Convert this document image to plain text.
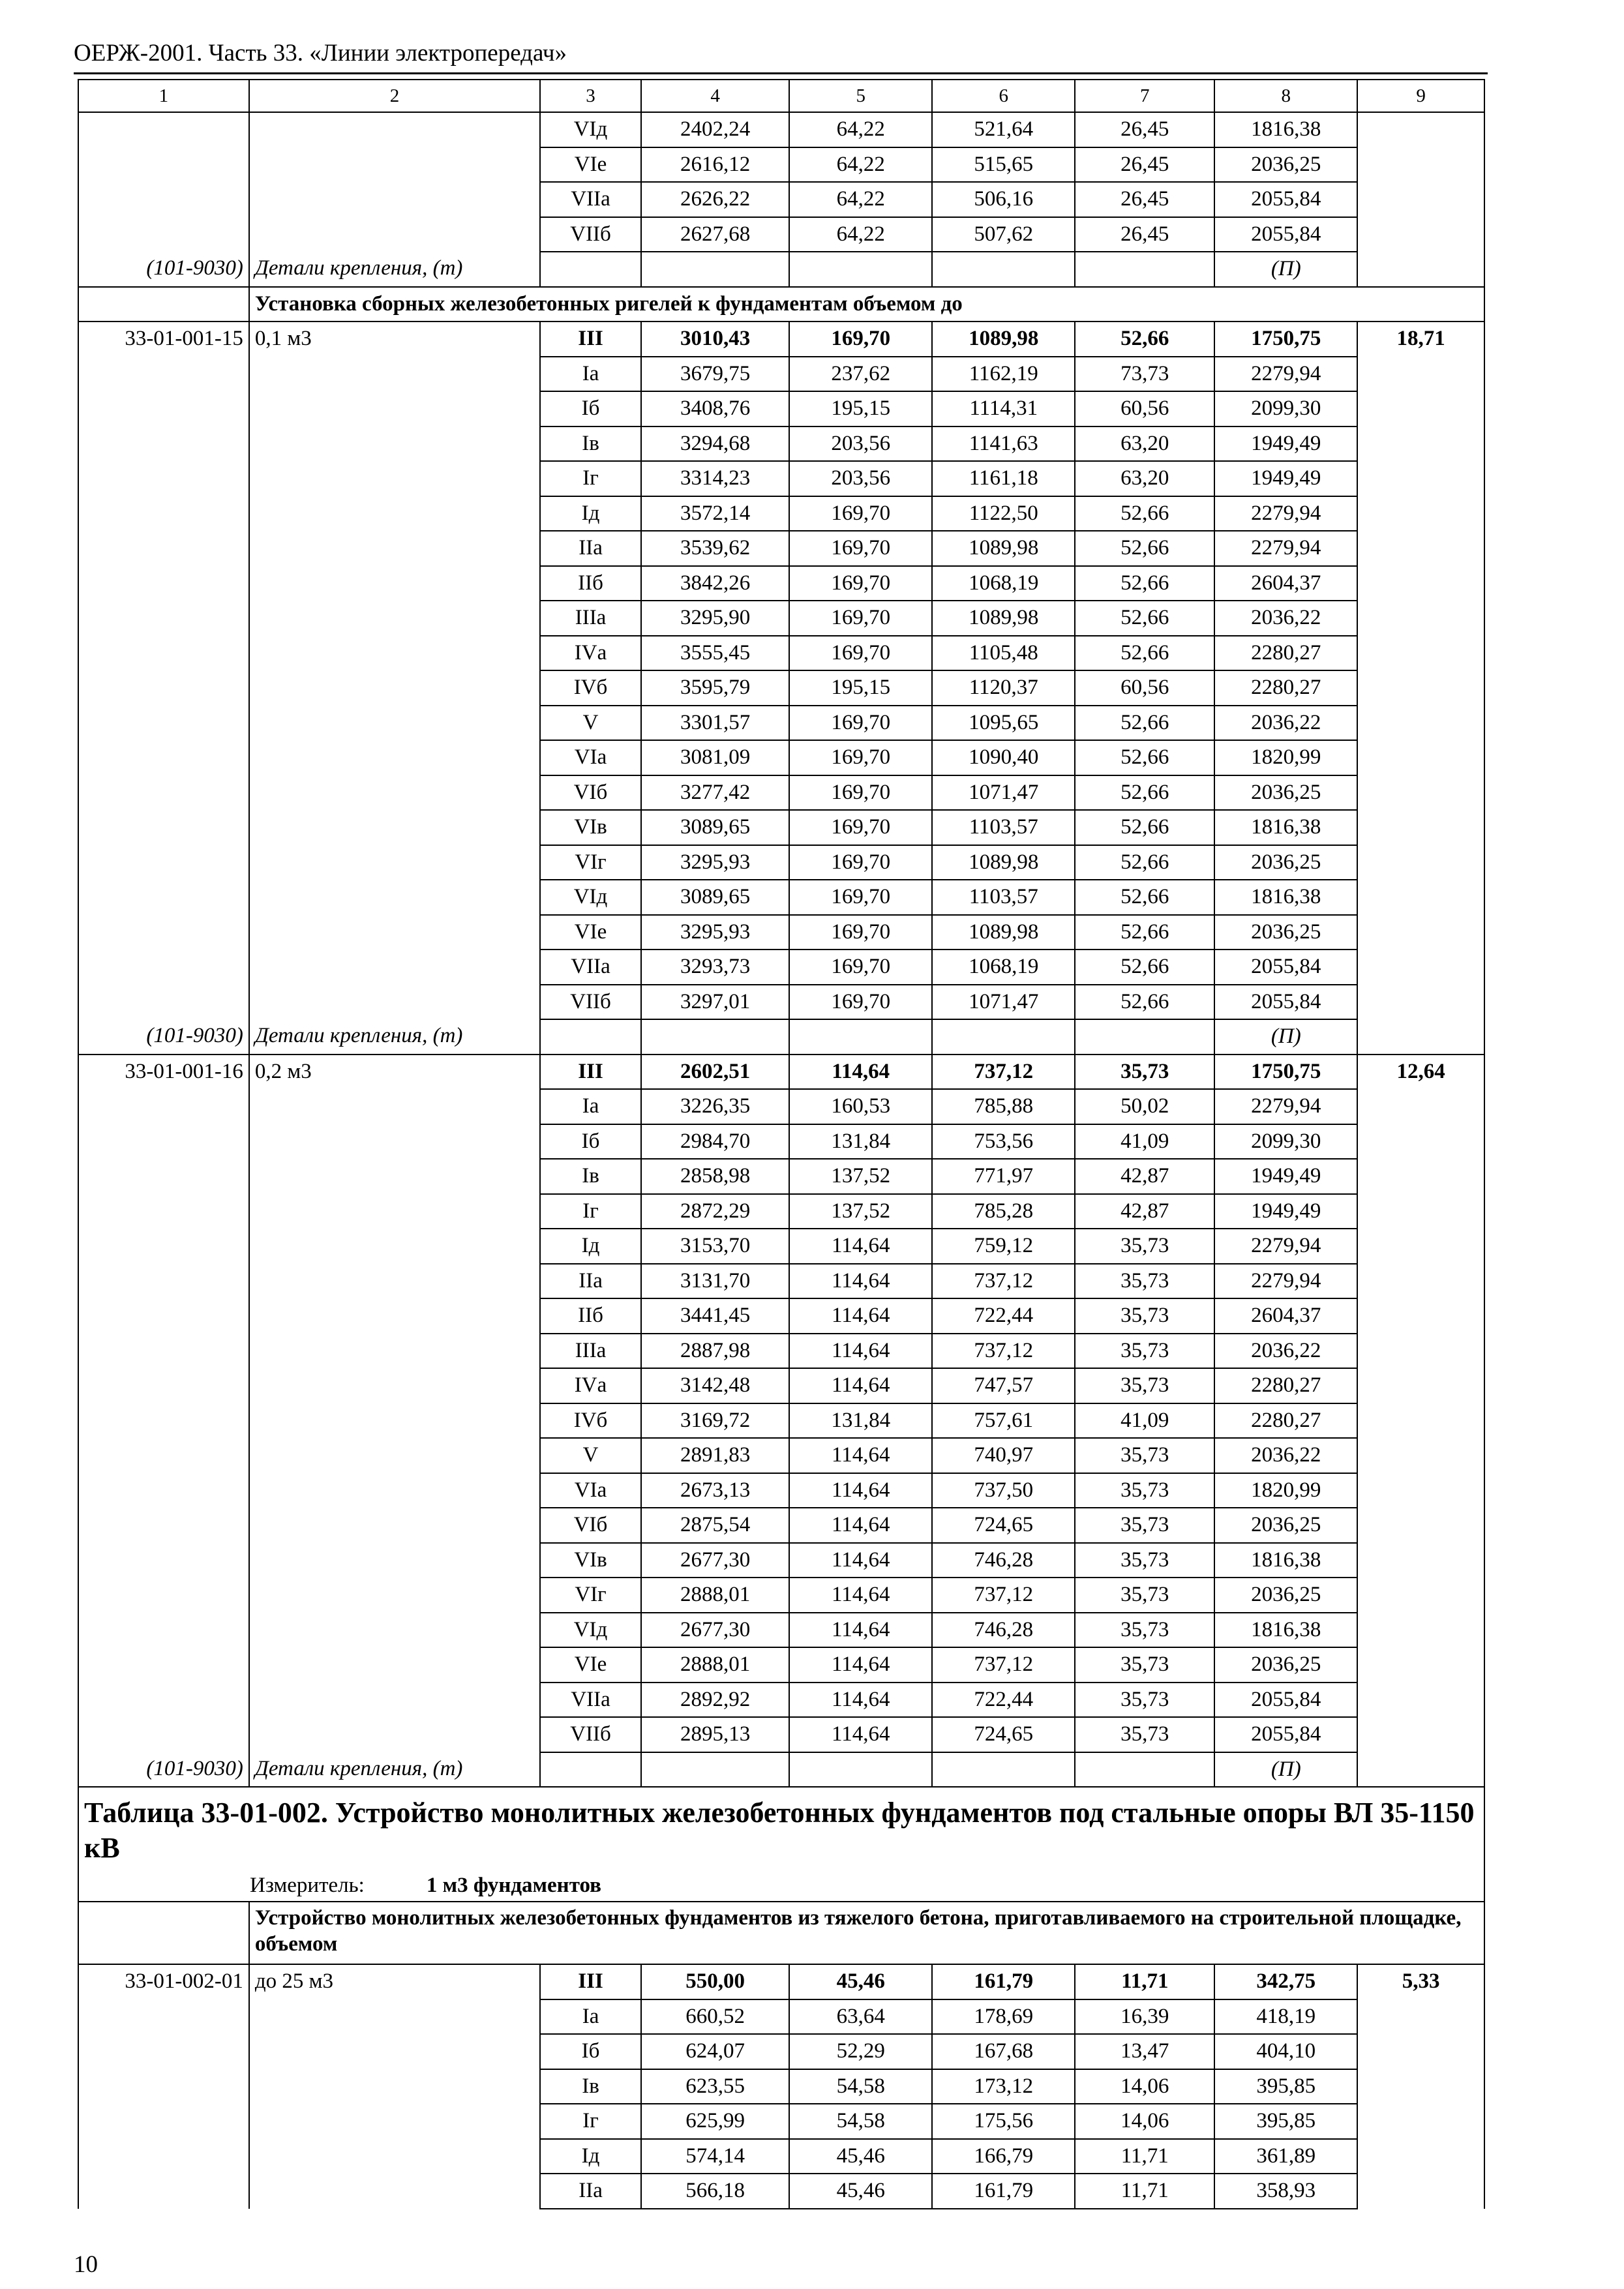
ОЕРЖ-2001. Часть 33. «Линии электропередач»
1	2	3	4	5	6	7	8	9
		VIд	2402,24	64,22	521,64	26,45	1816,38	
		VIе	2616,12	64,22	515,65	26,45	2036,25	
		VIIа	2626,22	64,22	506,16	26,45	2055,84	
		VIIб	2627,68	64,22	507,62	26,45	2055,84	
(101-9030)	Детали крепления, (т)						(П)	
	Установка сборных железобетонных ригелей к фундаментам объемом до							
33-01-001-15	0,1 м3	III	3010,43	169,70	1089,98	52,66	1750,75	18,71
		Iа	3679,75	237,62	1162,19	73,73	2279,94	
		Iб	3408,76	195,15	1114,31	60,56	2099,30	
		Iв	3294,68	203,56	1141,63	63,20	1949,49	
		Iг	3314,23	203,56	1161,18	63,20	1949,49	
		Iд	3572,14	169,70	1122,50	52,66	2279,94	
		IIа	3539,62	169,70	1089,98	52,66	2279,94	
		IIб	3842,26	169,70	1068,19	52,66	2604,37	
		IIIа	3295,90	169,70	1089,98	52,66	2036,22	
		IVа	3555,45	169,70	1105,48	52,66	2280,27	
		IVб	3595,79	195,15	1120,37	60,56	2280,27	
		V	3301,57	169,70	1095,65	52,66	2036,22	
		VIа	3081,09	169,70	1090,40	52,66	1820,99	
		VIб	3277,42	169,70	1071,47	52,66	2036,25	
		VIв	3089,65	169,70	1103,57	52,66	1816,38	
		VIг	3295,93	169,70	1089,98	52,66	2036,25	
		VIд	3089,65	169,70	1103,57	52,66	1816,38	
		VIе	3295,93	169,70	1089,98	52,66	2036,25	
		VIIа	3293,73	169,70	1068,19	52,66	2055,84	
		VIIб	3297,01	169,70	1071,47	52,66	2055,84	
(101-9030)	Детали крепления, (т)						(П)	
33-01-001-16	0,2 м3	III	2602,51	114,64	737,12	35,73	1750,75	12,64
		Iа	3226,35	160,53	785,88	50,02	2279,94	
		Iб	2984,70	131,84	753,56	41,09	2099,30	
		Iв	2858,98	137,52	771,97	42,87	1949,49	
		Iг	2872,29	137,52	785,28	42,87	1949,49	
		Iд	3153,70	114,64	759,12	35,73	2279,94	
		IIа	3131,70	114,64	737,12	35,73	2279,94	
		IIб	3441,45	114,64	722,44	35,73	2604,37	
		IIIа	2887,98	114,64	737,12	35,73	2036,22	
		IVа	3142,48	114,64	747,57	35,73	2280,27	
		IVб	3169,72	131,84	757,61	41,09	2280,27	
		V	2891,83	114,64	740,97	35,73	2036,22	
		VIа	2673,13	114,64	737,50	35,73	1820,99	
		VIб	2875,54	114,64	724,65	35,73	2036,25	
		VIв	2677,30	114,64	746,28	35,73	1816,38	
		VIг	2888,01	114,64	737,12	35,73	2036,25	
		VIд	2677,30	114,64	746,28	35,73	1816,38	
		VIе	2888,01	114,64	737,12	35,73	2036,25	
		VIIа	2892,92	114,64	722,44	35,73	2055,84	
		VIIб	2895,13	114,64	724,65	35,73	2055,84	
(101-9030)	Детали крепления, (т)						(П)	
Таблица 33-01-002. Устройство монолитных железобетонных фундаментов под стальные опоры ВЛ 35-1150 кВ								
Измеритель: 1 м3 фундаментов								
	Устройство монолитных железобетонных фундаментов из тяжелого бетона, приготавливаемого на строительной площадке, объемом							
33-01-002-01	до 25 м3	III	550,00	45,46	161,79	11,71	342,75	5,33
		Iа	660,52	63,64	178,69	16,39	418,19	
		Iб	624,07	52,29	167,68	13,47	404,10	
		Iв	623,55	54,58	173,12	14,06	395,85	
		Iг	625,99	54,58	175,56	14,06	395,85	
		Iд	574,14	45,46	166,79	11,71	361,89	
		IIа	566,18	45,46	161,79	11,71	358,93	
10
